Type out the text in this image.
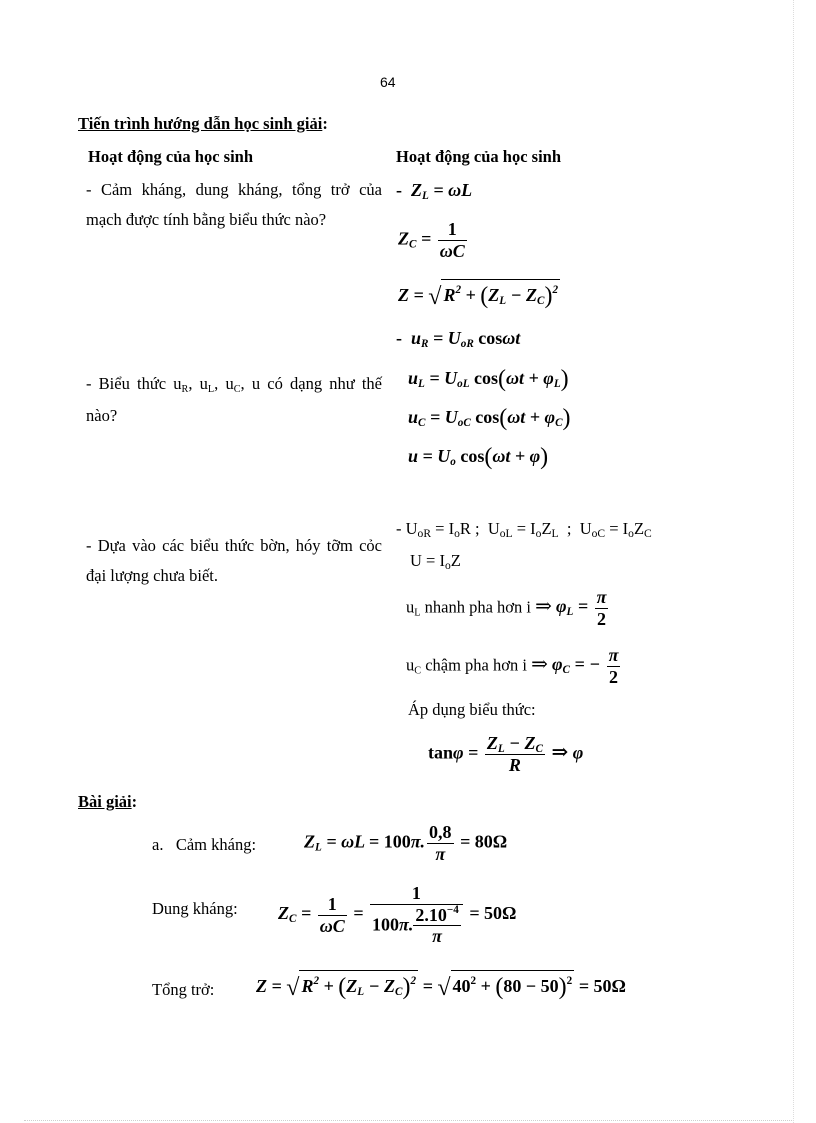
64
Tiến trình hướng dẫn học sinh giải:
Hoạt động của học sinh	Hoạt động của học sinh
- Cảm kháng, dung kháng, tổng trở của mạch được tính bằng biểu thức nào?
- Biểu thức $u_R$, $u_L$, $u_C$, u có dạng như thế nào?
- Dựa vào các biểu thức bờn, hóy tỡm cỏc đại lượng chưa biết.
-  $Z_L = \omega L$
$Z_C = \frac{1}{\omega C}$
Z = √ $R^2 + (Z_L - Z_C)^2$
-  $u_R = U_{oR}$ cosωt
$u_L = U_{oL}$ $\cos(\omega t + \varphi_L)$
$u_C = U_{oC}$ $\cos(\omega t + \varphi_C)$
$u = U_o$ cos(ωt + φ)
- $U_{oR} = I_oR$ ;  $U_{oL} = I_oZ_L$  ;  $U_{oC} = I_oZ_C$
$U = I_oZ$
$u_L$ nhanh pha hơn i ⇒ $\varphi_L = \frac{\pi}{2}$
$u_C$ chậm pha hơn i ⇒ $\varphi_C$ = − $\frac{\pi}{2}$
Áp dụng biểu thức:
$\tan\varphi = \frac{Z_L - Z_C}{R}$ ⇒ φ
Bài giải:
a. Cảm kháng:	$Z_L = \omega L = 100\pi$. $\frac{0,8}{\pi} = 80\Omega$
Dung kháng: $Z_C = \frac{1}{\omega C} = \frac{1}{100\pi. \frac{2.10^{-4}}{\pi}} = 50\Omega$
Tổng trở: Z = √ $R^2 + (Z_L - Z_C)^2$ = √ $40^2 + (80 - 50)^2 = 50\Omega$
